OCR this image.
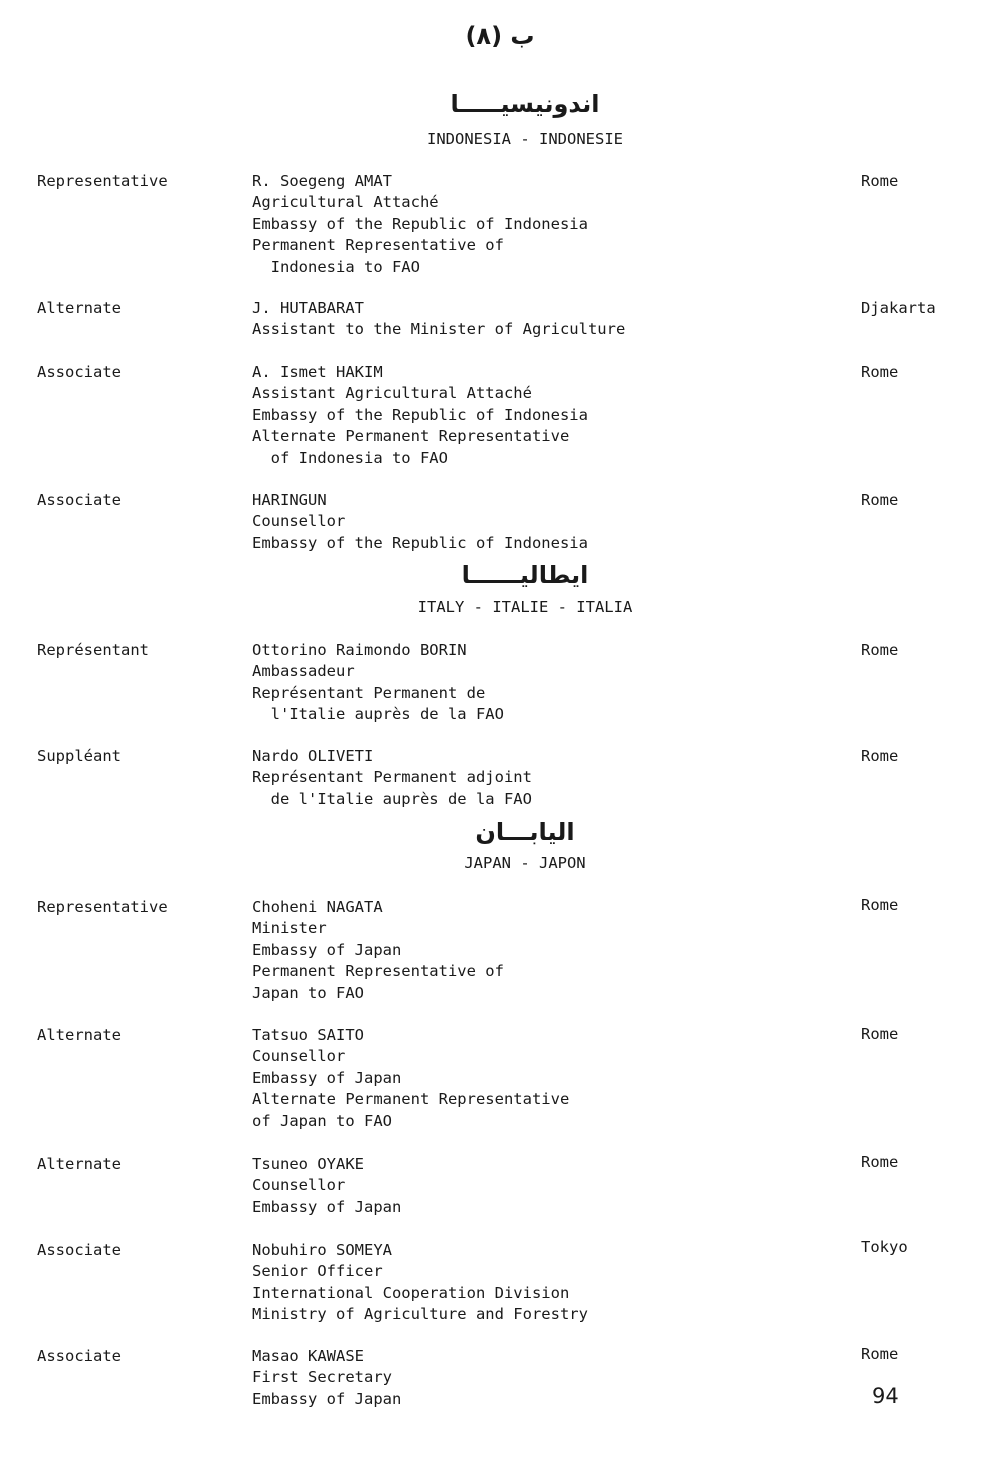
ب (٨)
اندونيسيـــــا
INDONESIA - INDONESIE
Representative	R. Soegeng AMAT
Agricultural Attaché
Embassy of the Republic of Indonesia
Permanent Representative of
Indonesia to FAO
Rome
Alternate	J. HUTABARAT
Assistant to the Minister of Agriculture
Djakarta
Associate	A. Ismet HAKIM
Assistant Agricultural Attaché
Embassy of the Republic of Indonesia
Alternate Permanent Representative
of Indonesia to FAO
Rome
Associate	HARINGUN
Counsellor
Embassy of the Republic of Indonesia
Rome
ايطاليــــــا
ITALY - ITALIE - ITALIA
Représentant	Ottorino Raimondo BORIN
Ambassadeur
Représentant Permanent de
l'Italie auprès de la FAO
Rome
Suppléant	Nardo OLIVETI
Représentant Permanent adjoint
de l'Italie auprès de la FAO
Rome
اليابـــان
JAPAN - JAPON
Representative	Choheni NAGATA
Minister
Embassy of Japan
Permanent Representative of
Japan to FAO
Rome
Alternate	Tatsuo SAITO
Counsellor
Embassy of Japan
Alternate Permanent Representative
of Japan to FAO
Rome
Alternate	Tsuneo OYAKE
Counsellor
Embassy of Japan
Rome
Associate	Nobuhiro SOMEYA
Senior Officer
International Cooperation Division
Ministry of Agriculture and Forestry
Tokyo
Associate	Masao KAWASE
First Secretary
Embassy of Japan
Rome
94
